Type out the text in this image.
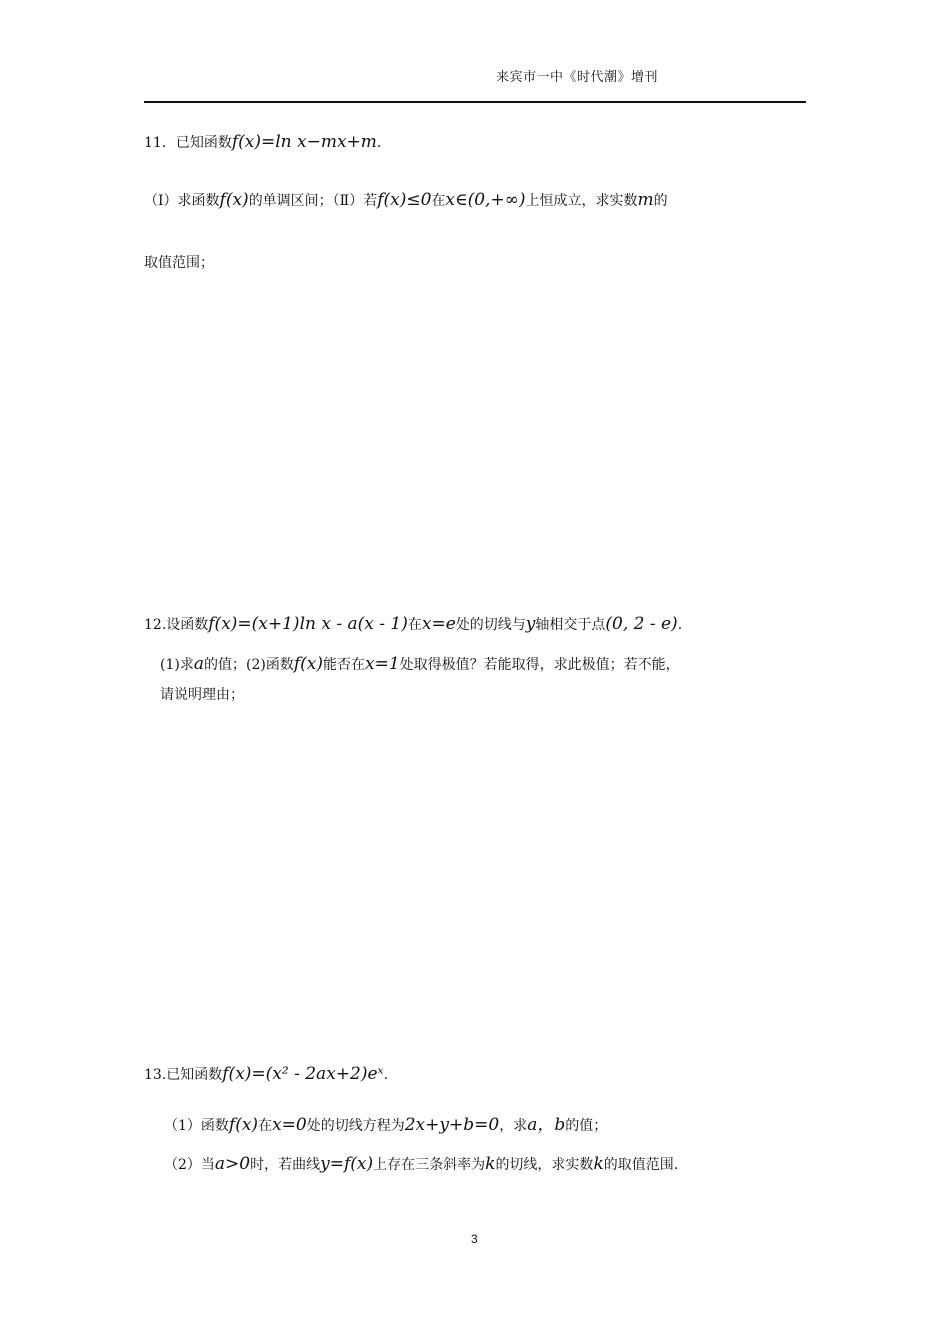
来宾市一中《时代潮》增刊
11．已知函数f(x)=ln x−mx+m.
（Ⅰ）求函数f(x)的单调区间；（Ⅱ）若f(x)≤0在x∈(0,+∞)上恒成立，求实数m的
取值范围；
12.设函数f(x)=(x+1)ln x - a(x - 1)在x=e处的切线与y轴相交于点(0, 2 - e).
(1)求a的值；(2)函数f(x)能否在x=1处取得极值？若能取得，求此极值；若不能，
请说明理由；
13.已知函数f(x)=(x² - 2ax+2)eˣ.
（1）函数f(x)在x=0处的切线方程为2x+y+b=0，求a，b的值；
（2）当a>0时，若曲线y=f(x)上存在三条斜率为k的切线，求实数k的取值范围.
3
